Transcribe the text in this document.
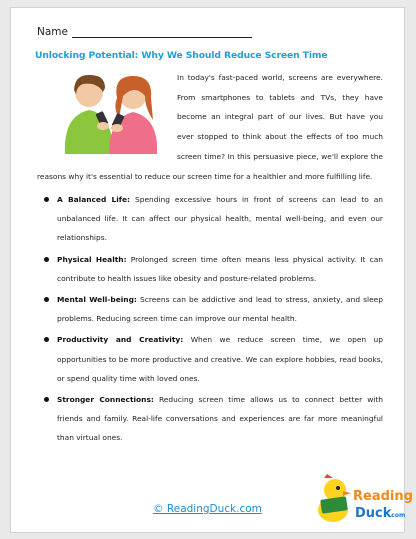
Name
Unlocking Potential: Why We Should Reduce Screen Time

In today's fast-paced world, screens are everywhere. From smartphones to tablets and TVs, they have become an integral part of our lives. But have you ever stopped to think about the effects of too much screen time? In this persuasive piece, we'll explore the reasons why it's essential to reduce our screen time for a healthier and more fulfilling life.

A Balanced Life: Spending excessive hours in front of screens can lead to an unbalanced life. It can affect our physical health, mental well-being, and even our relationships.
Physical Health: Prolonged screen time often means less physical activity. It can contribute to health issues like obesity and posture-related problems.
Mental Well-being: Screens can be addictive and lead to stress, anxiety, and sleep problems. Reducing screen time can improve our mental health.
Productivity and Creativity: When we reduce screen time, we open up opportunities to be more productive and creative. We can explore hobbies, read books, or spend quality time with loved ones.
Stronger Connections: Reducing screen time allows us to connect better with friends and family. Real-life conversations and experiences are far more meaningful than virtual ones.
© ReadingDuck.com
Reading
Duck
.com
